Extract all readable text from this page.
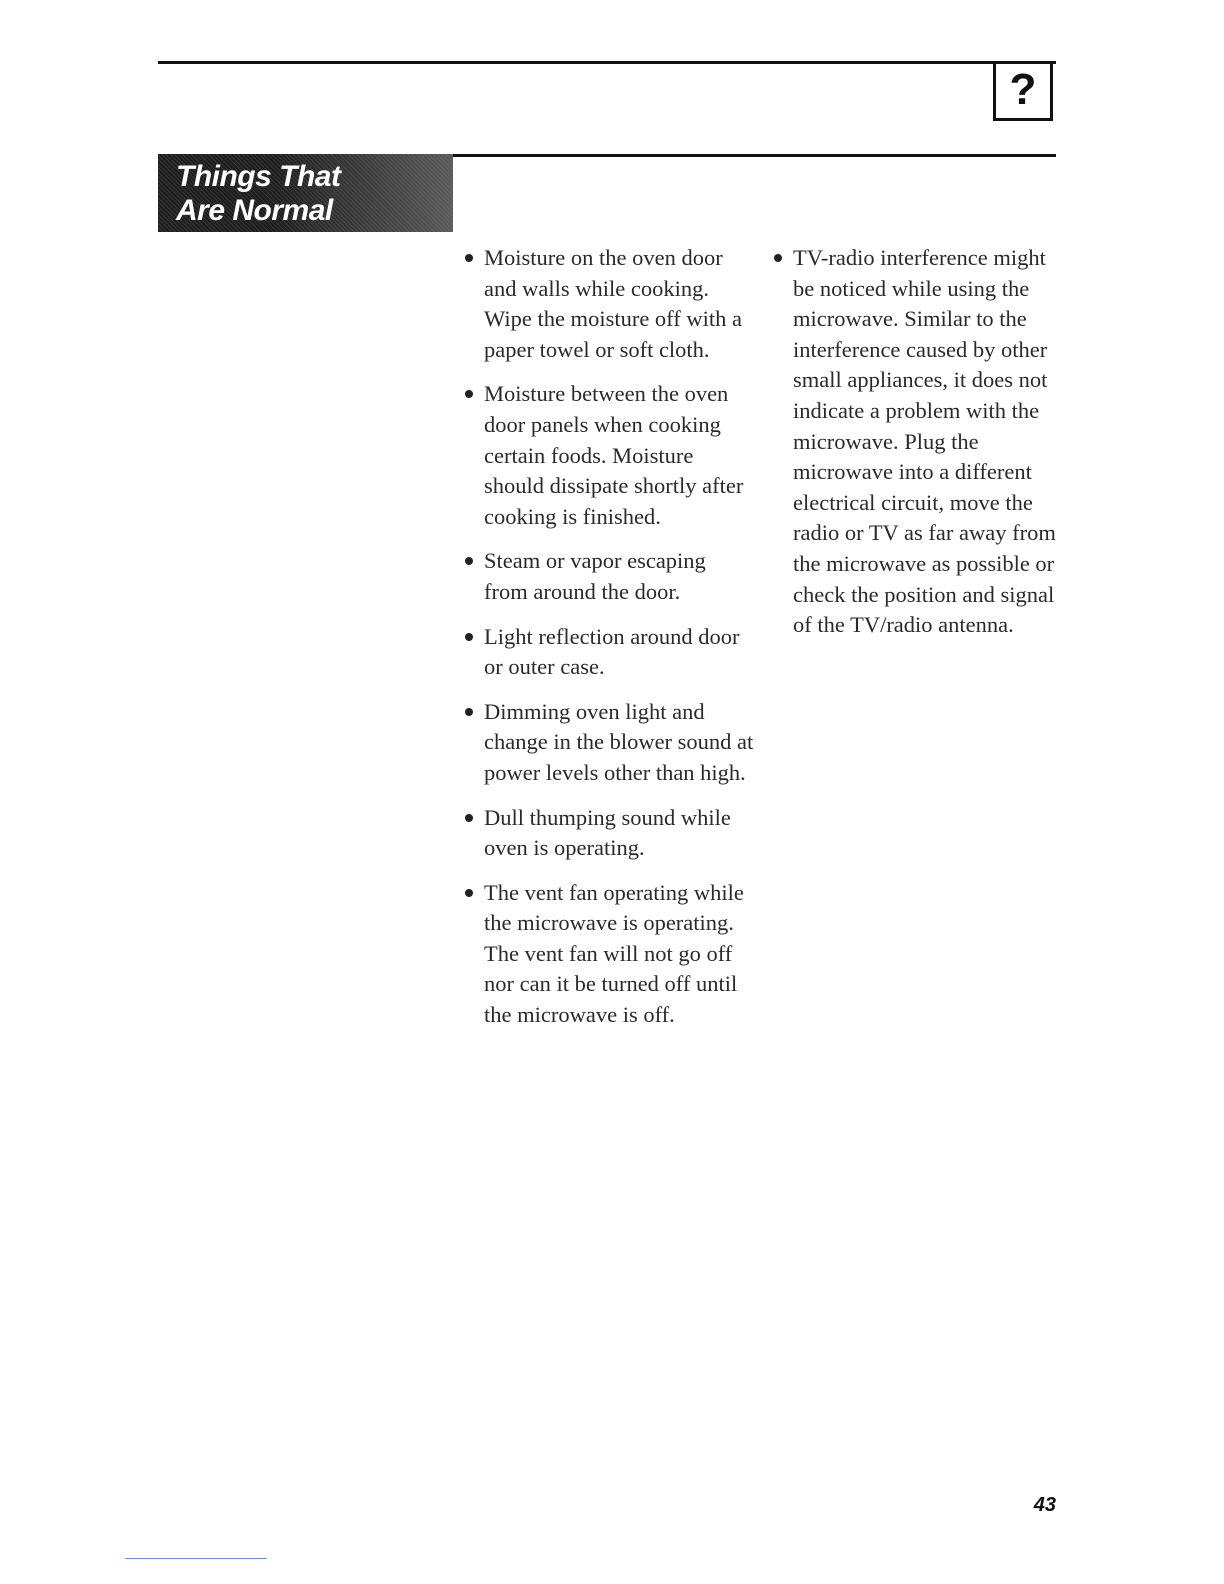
?
Things That
Are Normal
Moisture on the oven door and walls while cooking. Wipe the moisture off with a paper towel or soft cloth.
Moisture between the oven door panels when cooking certain foods. Moisture should dissipate shortly after cooking is finished.
Steam or vapor escaping from around the door.
Light reflection around door or outer case.
Dimming oven light and change in the blower sound at power levels other than high.
Dull thumping sound while oven is operating.
The vent fan operating while the microwave is operating. The vent fan will not go off nor can it be turned off until the microwave is off.
TV-radio interference might be noticed while using the microwave. Similar to the interference caused by other small appliances, it does not indicate a problem with the microwave. Plug the microwave into a different electrical circuit, move the radio or TV as far away from the microwave as possible or check the position and signal of the TV/radio antenna.
43
